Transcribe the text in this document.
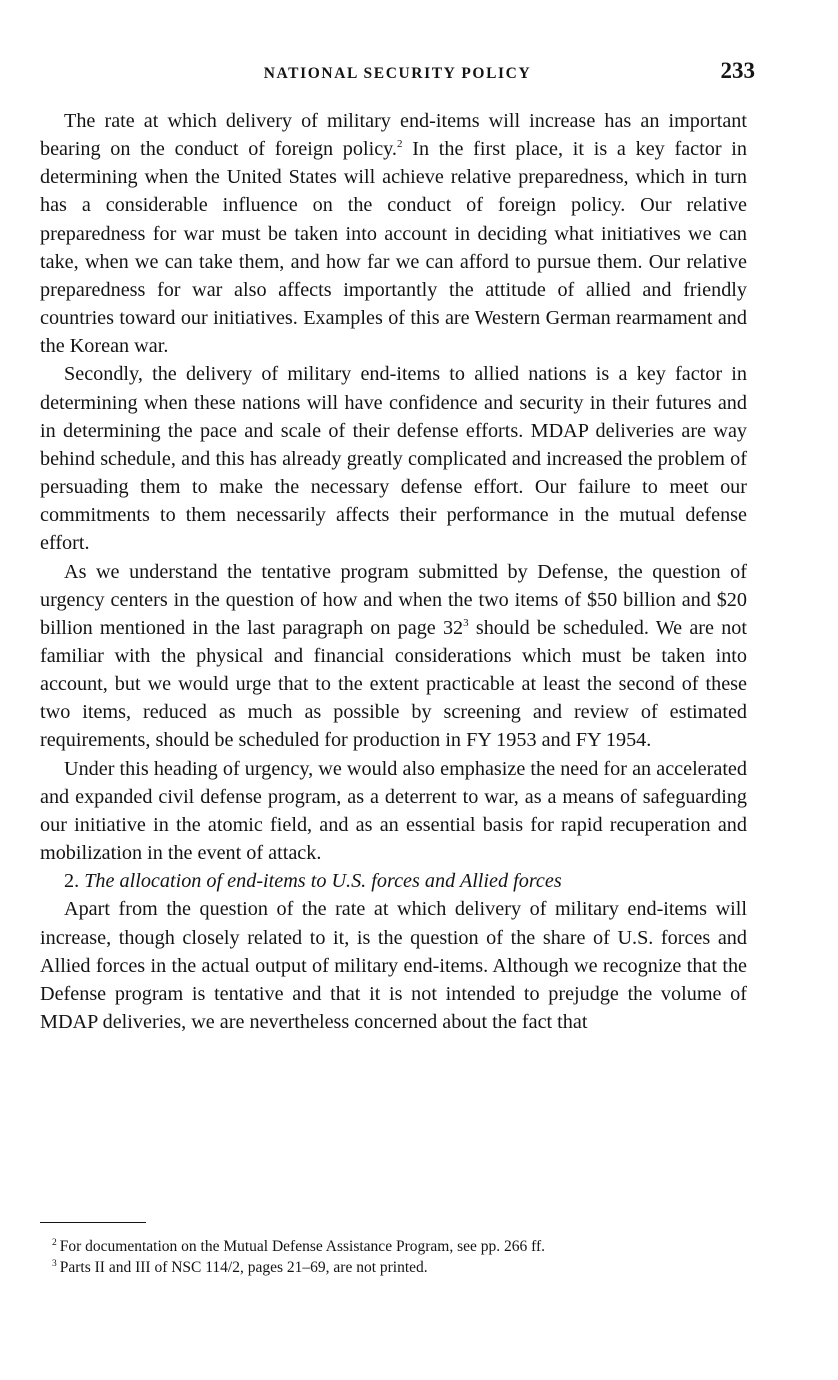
NATIONAL SECURITY POLICY	233

The rate at which delivery of military end-items will increase has an important bearing on the conduct of foreign policy.$^2$ In the first place, it is a key factor in determining when the United States will achieve relative preparedness, which in turn has a considerable influence on the conduct of foreign policy. Our relative preparedness for war must be taken into account in deciding what initiatives we can take, when we can take them, and how far we can afford to pursue them. Our relative preparedness for war also affects importantly the attitude of allied and friendly countries toward our initiatives. Examples of this are Western German rearmament and the Korean war.

Secondly, the delivery of military end-items to allied nations is a key factor in determining when these nations will have confidence and security in their futures and in determining the pace and scale of their defense efforts. MDAP deliveries are way behind schedule, and this has already greatly complicated and increased the problem of persuading them to make the necessary defense effort. Our failure to meet our commitments to them necessarily affects their performance in the mutual defense effort.

As we understand the tentative program submitted by Defense, the question of urgency centers in the question of how and when the two items of $50 billion and $20 billion mentioned in the last paragraph on page $32^3$ should be scheduled. We are not familiar with the physical and financial considerations which must be taken into account, but we would urge that to the extent practicable at least the second of these two items, reduced as much as possible by screening and review of estimated requirements, should be scheduled for production in FY 1953 and FY 1954.

Under this heading of urgency, we would also emphasize the need for an accelerated and expanded civil defense program, as a deterrent to war, as a means of safeguarding our initiative in the atomic field, and as an essential basis for rapid recuperation and mobilization in the event of attack.

2. The allocation of end-items to U.S. forces and Allied forces

Apart from the question of the rate at which delivery of military end-items will increase, though closely related to it, is the question of the share of U.S. forces and Allied forces in the actual output of military end-items. Although we recognize that the Defense program is tentative and that it is not intended to prejudge the volume of MDAP deliveries, we are nevertheless concerned about the fact that

$^2$ For documentation on the Mutual Defense Assistance Program, see pp. 266 ff.

$^3$ Parts II and III of NSC 114/2, pages 21–69, are not printed.
